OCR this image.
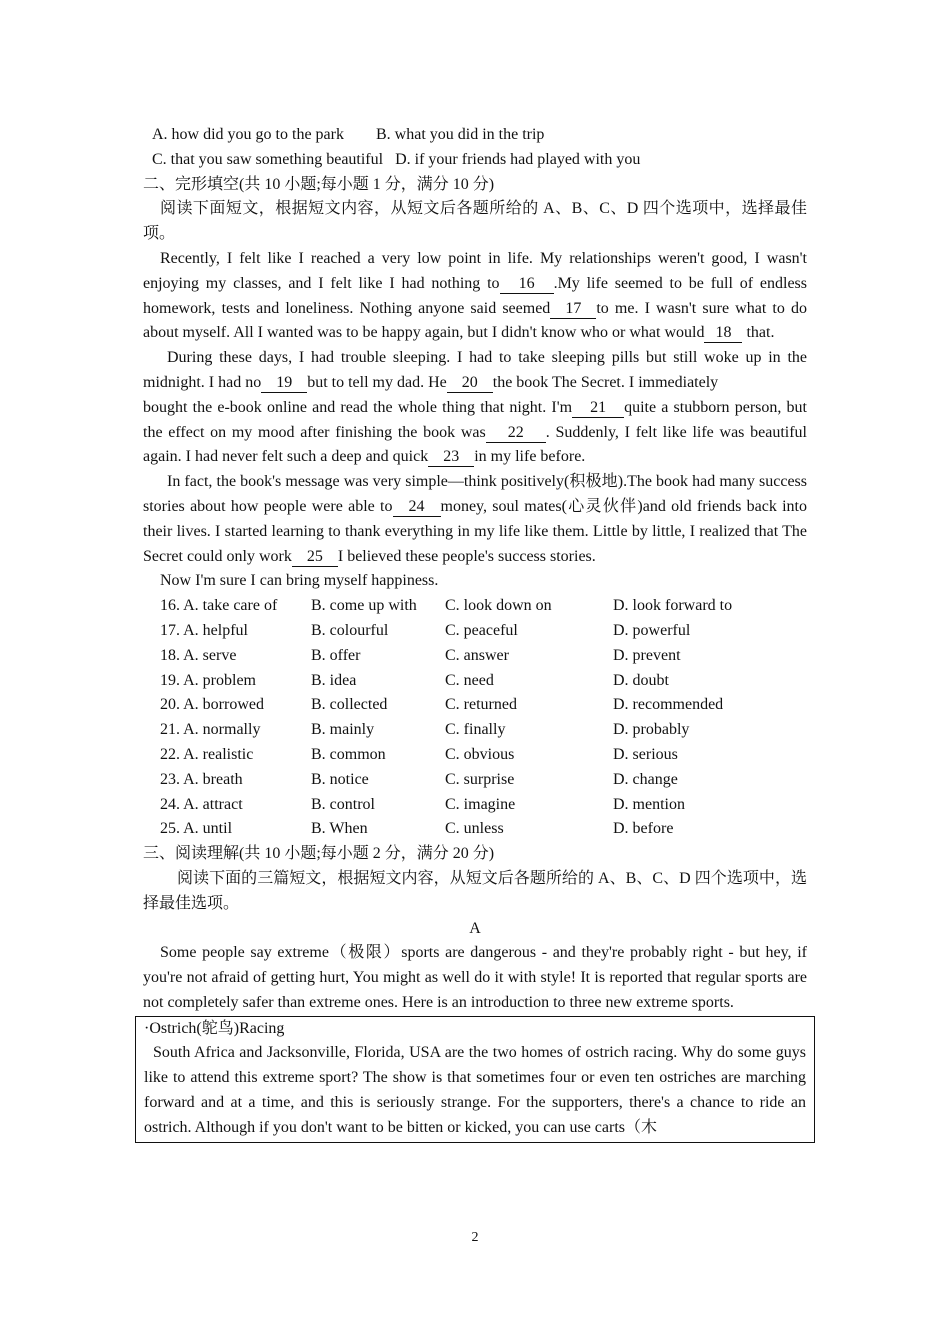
A. how did you go to the park B. what you did in the trip
C. that you saw something beautiful D. if your friends had played with you
二、完形填空(共 10 小题;每小题 1 分，满分 10 分)
阅读下面短文，根据短文内容，从短文后各题所给的 A、B、C、D 四个选项中，选择最佳项。
Recently, I felt like I reached a very low point in life. My relationships weren't good, I wasn't enjoying my classes, and I felt like I had nothing to 16 .My life seemed to be full of endless homework, tests and loneliness. Nothing anyone said seemed 17 to me. I wasn't sure what to do about myself. All I wanted was to be happy again, but I didn't know who or what would 18 that.
During these days, I had trouble sleeping. I had to take sleeping pills but still woke up in the midnight. I had no 19 but to tell my dad. He 20 the book The Secret. I immediately
bought the e-book online and read the whole thing that night. I'm 21 quite a stubborn person, but the effect on my mood after finishing the book was 22 . Suddenly, I felt like life was beautiful again. I had never felt such a deep and quick 23 in my life before.
In fact, the book's message was very simple—think positively(积极地).The book had many success stories about how people were able to 24 money, soul mates(心灵伙伴)and old friends back into their lives. I started learning to thank everything in my life like them. Little by little, I realized that The Secret could only work 25 I believed these people's success stories.
Now I'm sure I can bring myself happiness.
16. A. take care of	B. come up with	C. look down on	D. look forward to
17. A. helpful	B. colourful	C. peaceful	D. powerful
18. A. serve	B. offer	C. answer	D. prevent
19. A. problem	B. idea	C. need	D. doubt
20. A. borrowed	B. collected	C. returned	D. recommended
21. A. normally	B. mainly	C. finally	D. probably
22. A. realistic	B. common	C. obvious	D. serious
23. A. breath	B. notice	C. surprise	D. change
24. A. attract	B. control	C. imagine	D. mention
25. A. until	B. When	C. unless	D. before
三、阅读理解(共 10 小题;每小题 2 分，满分 20 分)
阅读下面的三篇短文，根据短文内容，从短文后各题所给的 A、B、C、D 四个选项中，选择最佳选项。
A
Some people say extreme（极限）sports are dangerous - and they're probably right - but hey, if you're not afraid of getting hurt, You might as well do it with style! It is reported that regular sports are not completely safer than extreme ones. Here is an introduction to three new extreme sports.
·Ostrich(鸵鸟)Racing
South Africa and Jacksonville, Florida, USA are the two homes of ostrich racing. Why do some guys like to attend this extreme sport? The show is that sometimes four or even ten ostriches are marching forward and at a time, and this is seriously strange. For the supporters, there's a chance to ride an ostrich. Although if you don't want to be bitten or kicked, you can use carts（木
2
